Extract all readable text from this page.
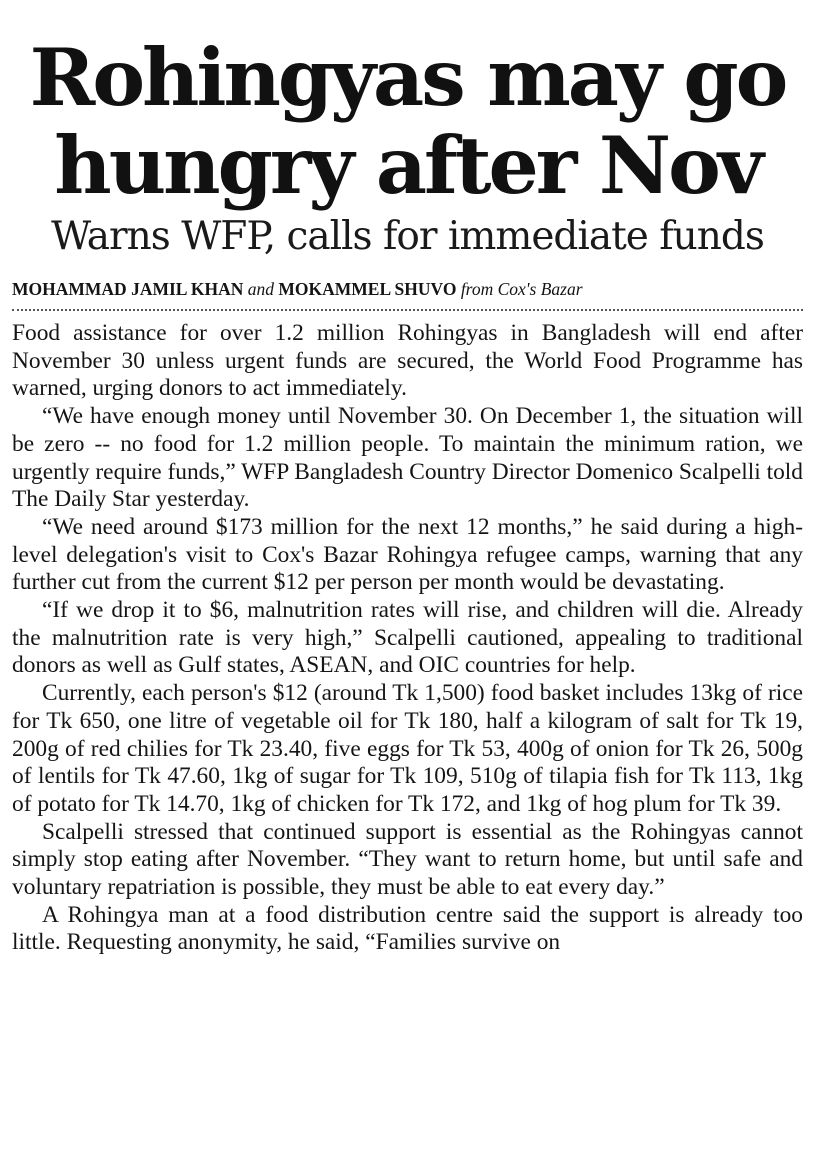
Rohingyas may go
hungry after Nov
Warns WFP, calls for immediate funds
MOHAMMAD JAMIL KHAN and MOKAMMEL SHUVO from Cox's Bazar

Food assistance for over 1.2 million Rohingyas in Bangladesh will end after November 30 unless urgent funds are secured, the World Food Programme has warned, urging donors to act immediately.

“We have enough money until November 30. On December 1, the situation will be zero -- no food for 1.2 million people. To maintain the minimum ration, we urgently require funds,” WFP Bangladesh Country Director Domenico Scalpelli told The Daily Star yesterday.

“We need around $173 million for the next 12 months,” he said during a high-level delegation's visit to Cox's Bazar Rohingya refugee camps, warning that any further cut from the current $12 per person per month would be devastating.

“If we drop it to $6, malnutrition rates will rise, and children will die. Already the malnutrition rate is very high,” Scalpelli cautioned, appealing to traditional donors as well as Gulf states, ASEAN, and OIC countries for help.

Currently, each person's $12 (around Tk 1,500) food basket includes 13kg of rice for Tk 650, one litre of vegetable oil for Tk 180, half a kilogram of salt for Tk 19, 200g of red chilies for Tk 23.40, five eggs for Tk 53, 400g of onion for Tk 26, 500g of lentils for Tk 47.60, 1kg of sugar for Tk 109, 510g of tilapia fish for Tk 113, 1kg of potato for Tk 14.70, 1kg of chicken for Tk 172, and 1kg of hog plum for Tk 39.

Scalpelli stressed that continued support is essential as the Rohingyas cannot simply stop eating after November. “They want to return home, but until safe and voluntary repatriation is possible, they must be able to eat every day.”

A Rohingya man at a food distribution centre said the support is already too little. Requesting anonymity, he said, “Families survive on
